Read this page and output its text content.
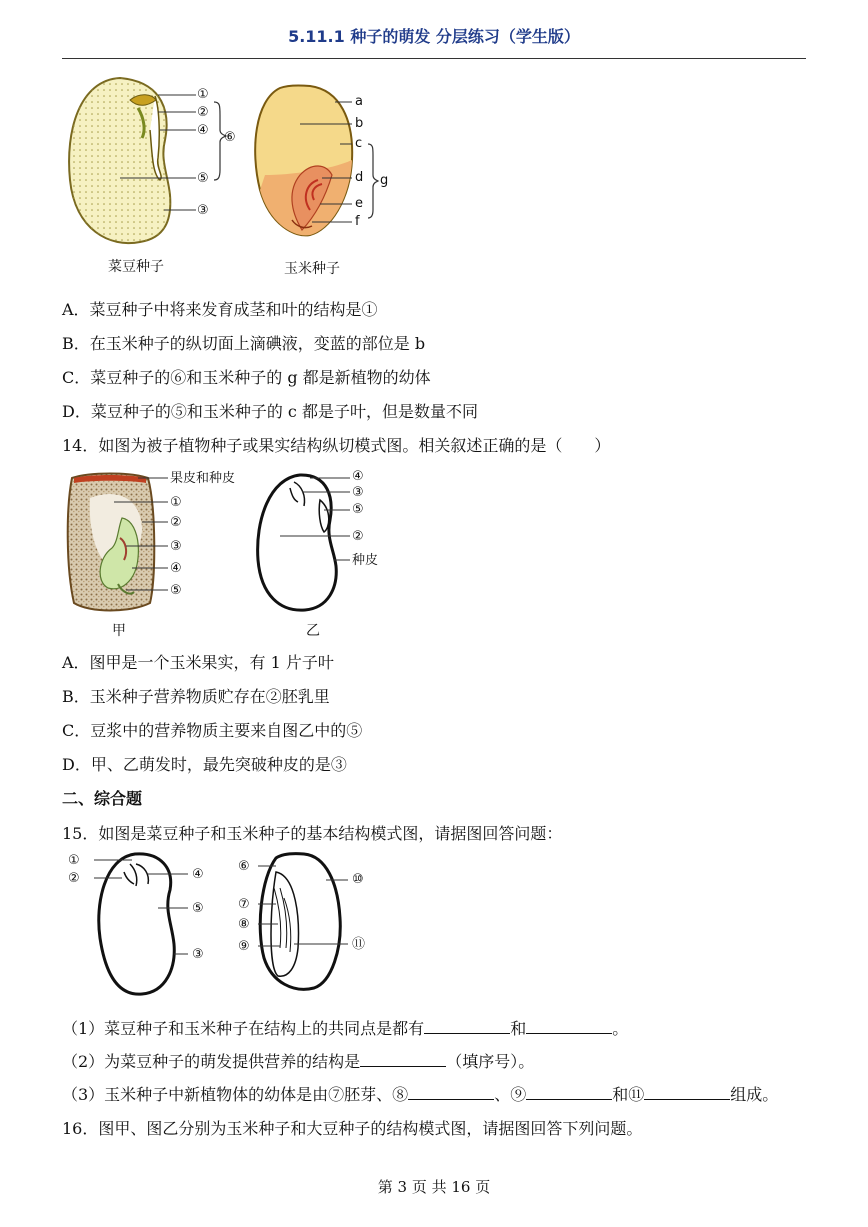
5.11.1 种子的萌发 分层练习（学生版）
①
②
④
⑤
③
⑥
菜豆种子
a
b
c
d
e
f
g
玉米种子
A．菜豆种子中将来发育成茎和叶的结构是①
B．在玉米种子的纵切面上滴碘液，变蓝的部位是 b
C．菜豆种子的⑥和玉米种子的 g 都是新植物的幼体
D．菜豆种子的⑤和玉米种子的 c 都是子叶，但是数量不同
14．如图为被子植物种子或果实结构纵切模式图。相关叙述正确的是（　　）
果皮和种皮
①
②
③
④
⑤
甲
④
③
⑤
②
种皮
乙
A．图甲是一个玉米果实，有 1 片子叶
B．玉米种子营养物质贮存在②胚乳里
C．豆浆中的营养物质主要来自图乙中的⑤
D．甲、乙萌发时，最先突破种皮的是③
二、综合题
15．如图是菜豆种子和玉米种子的基本结构模式图，请据图回答问题：
①
②	④
⑤
③
⑥
⑩
⑦
⑧
⑨	⑪
（1）菜豆种子和玉米种子在结构上的共同点是都有	和	。
（2）为菜豆种子的萌发提供营养的结构是	（填序号）。
（3）玉米种子中新植物体的幼体是由⑦胚芽、⑧	、⑨	和⑪	组成。
16．图甲、图乙分别为玉米种子和大豆种子的结构模式图，请据图回答下列问题。
第 3 页 共 16 页
